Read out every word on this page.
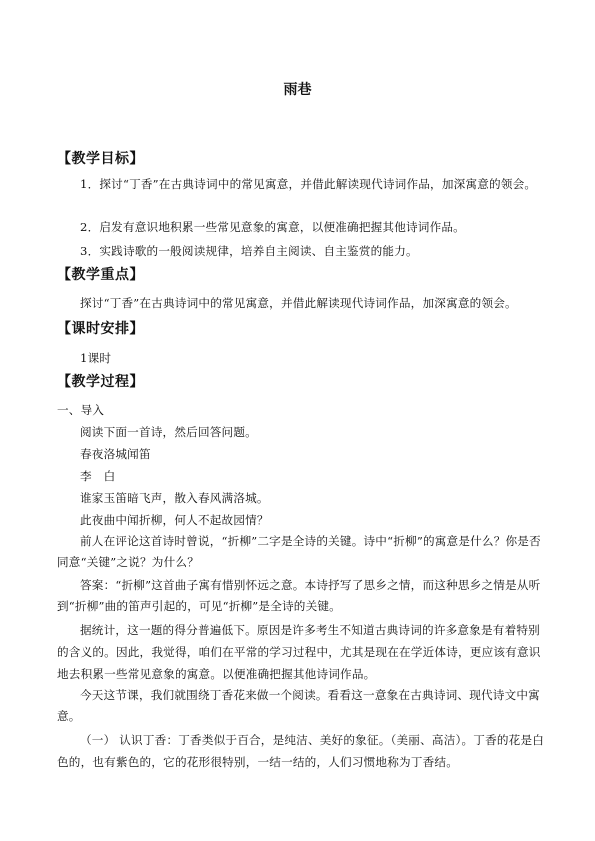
雨巷
【教学目标】
1．探讨“丁香”在古典诗词中的常见寓意，并借此解读现代诗词作品，加深寓意的领会。
2．启发有意识地积累一些常见意象的寓意，以便准确把握其他诗词作品。
3．实践诗歌的一般阅读规律，培养自主阅读、自主鉴赏的能力。
【教学重点】
探讨“丁香”在古典诗词中的常见寓意，并借此解读现代诗词作品，加深寓意的领会。
【课时安排】
1课时
【教学过程】
一、导入
阅读下面一首诗，然后回答问题。
春夜洛城闻笛
李　白
谁家玉笛暗飞声，散入春风满洛城。
此夜曲中闻折柳，何人不起故园情？
前人在评论这首诗时曾说，“折柳”二字是全诗的关键。诗中“折柳”的寓意是什么？你是否同意“关键”之说？为什么？
答案：“折柳”这首曲子寓有惜别怀远之意。本诗抒写了思乡之情，而这种思乡之情是从听到“折柳”曲的笛声引起的，可见“折柳”是全诗的关键。
据统计，这一题的得分普遍低下。原因是许多考生不知道古典诗词的许多意象是有着特别的含义的。因此，我觉得，咱们在平常的学习过程中，尤其是现在在学近体诗，更应该有意识地去积累一些常见意象的寓意。以便准确把握其他诗词作品。
今天这节课，我们就围绕丁香花来做一个阅读。看看这一意象在古典诗词、现代诗文中寓意。
（一） 认识丁香：丁香类似于百合，是纯洁、美好的象征。（美丽、高洁）。丁香的花是白色的，也有紫色的，它的花形很特别，一结一结的，人们习惯地称为丁香结。
